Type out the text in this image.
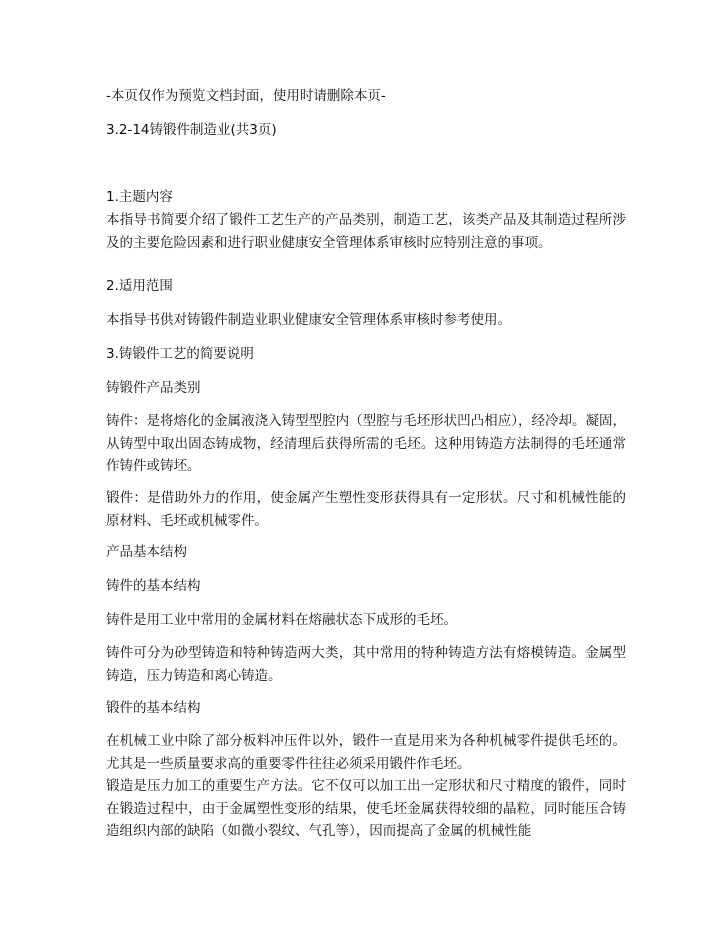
-本页仅作为预览文档封面，使用时请删除本页-

3.2-14铸锻件制造业(共3页)

1.主题内容

本指导书简要介绍了锻件工艺生产的产品类别，制造工艺，该类产品及其制造过程所涉及的主要危险因素和进行职业健康安全管理体系审核时应特别注意的事项。

2.适用范围

本指导书供对铸锻件制造业职业健康安全管理体系审核时参考使用。

3.铸锻件工艺的简要说明

铸锻件产品类别

铸件：是将熔化的金属液浇入铸型型腔内（型腔与毛坯形状凹凸相应），经冷却。凝固，从铸型中取出固态铸成物，经清理后获得所需的毛坯。这种用铸造方法制得的毛坯通常作铸件或铸坯。

锻件：是借助外力的作用，使金属产生塑性变形获得具有一定形状。尺寸和机械性能的原材料、毛坯或机械零件。

产品基本结构

铸件的基本结构

铸件是用工业中常用的金属材料在熔融状态下成形的毛坯。

铸件可分为砂型铸造和特种铸造两大类，其中常用的特种铸造方法有熔模铸造。金属型铸造，压力铸造和离心铸造。

锻件的基本结构

在机械工业中除了部分板料冲压件以外，锻件一直是用来为各种机械零件提供毛坯的。尤其是一些质量要求高的重要零件往往必须采用锻件作毛坯。

锻造是压力加工的重要生产方法。它不仅可以加工出一定形状和尺寸精度的锻件，同时在锻造过程中，由于金属塑性变形的结果，使毛坯金属获得较细的晶粒，同时能压合铸造组织内部的缺陷（如微小裂纹、气孔等），因而提高了金属的机械性能
